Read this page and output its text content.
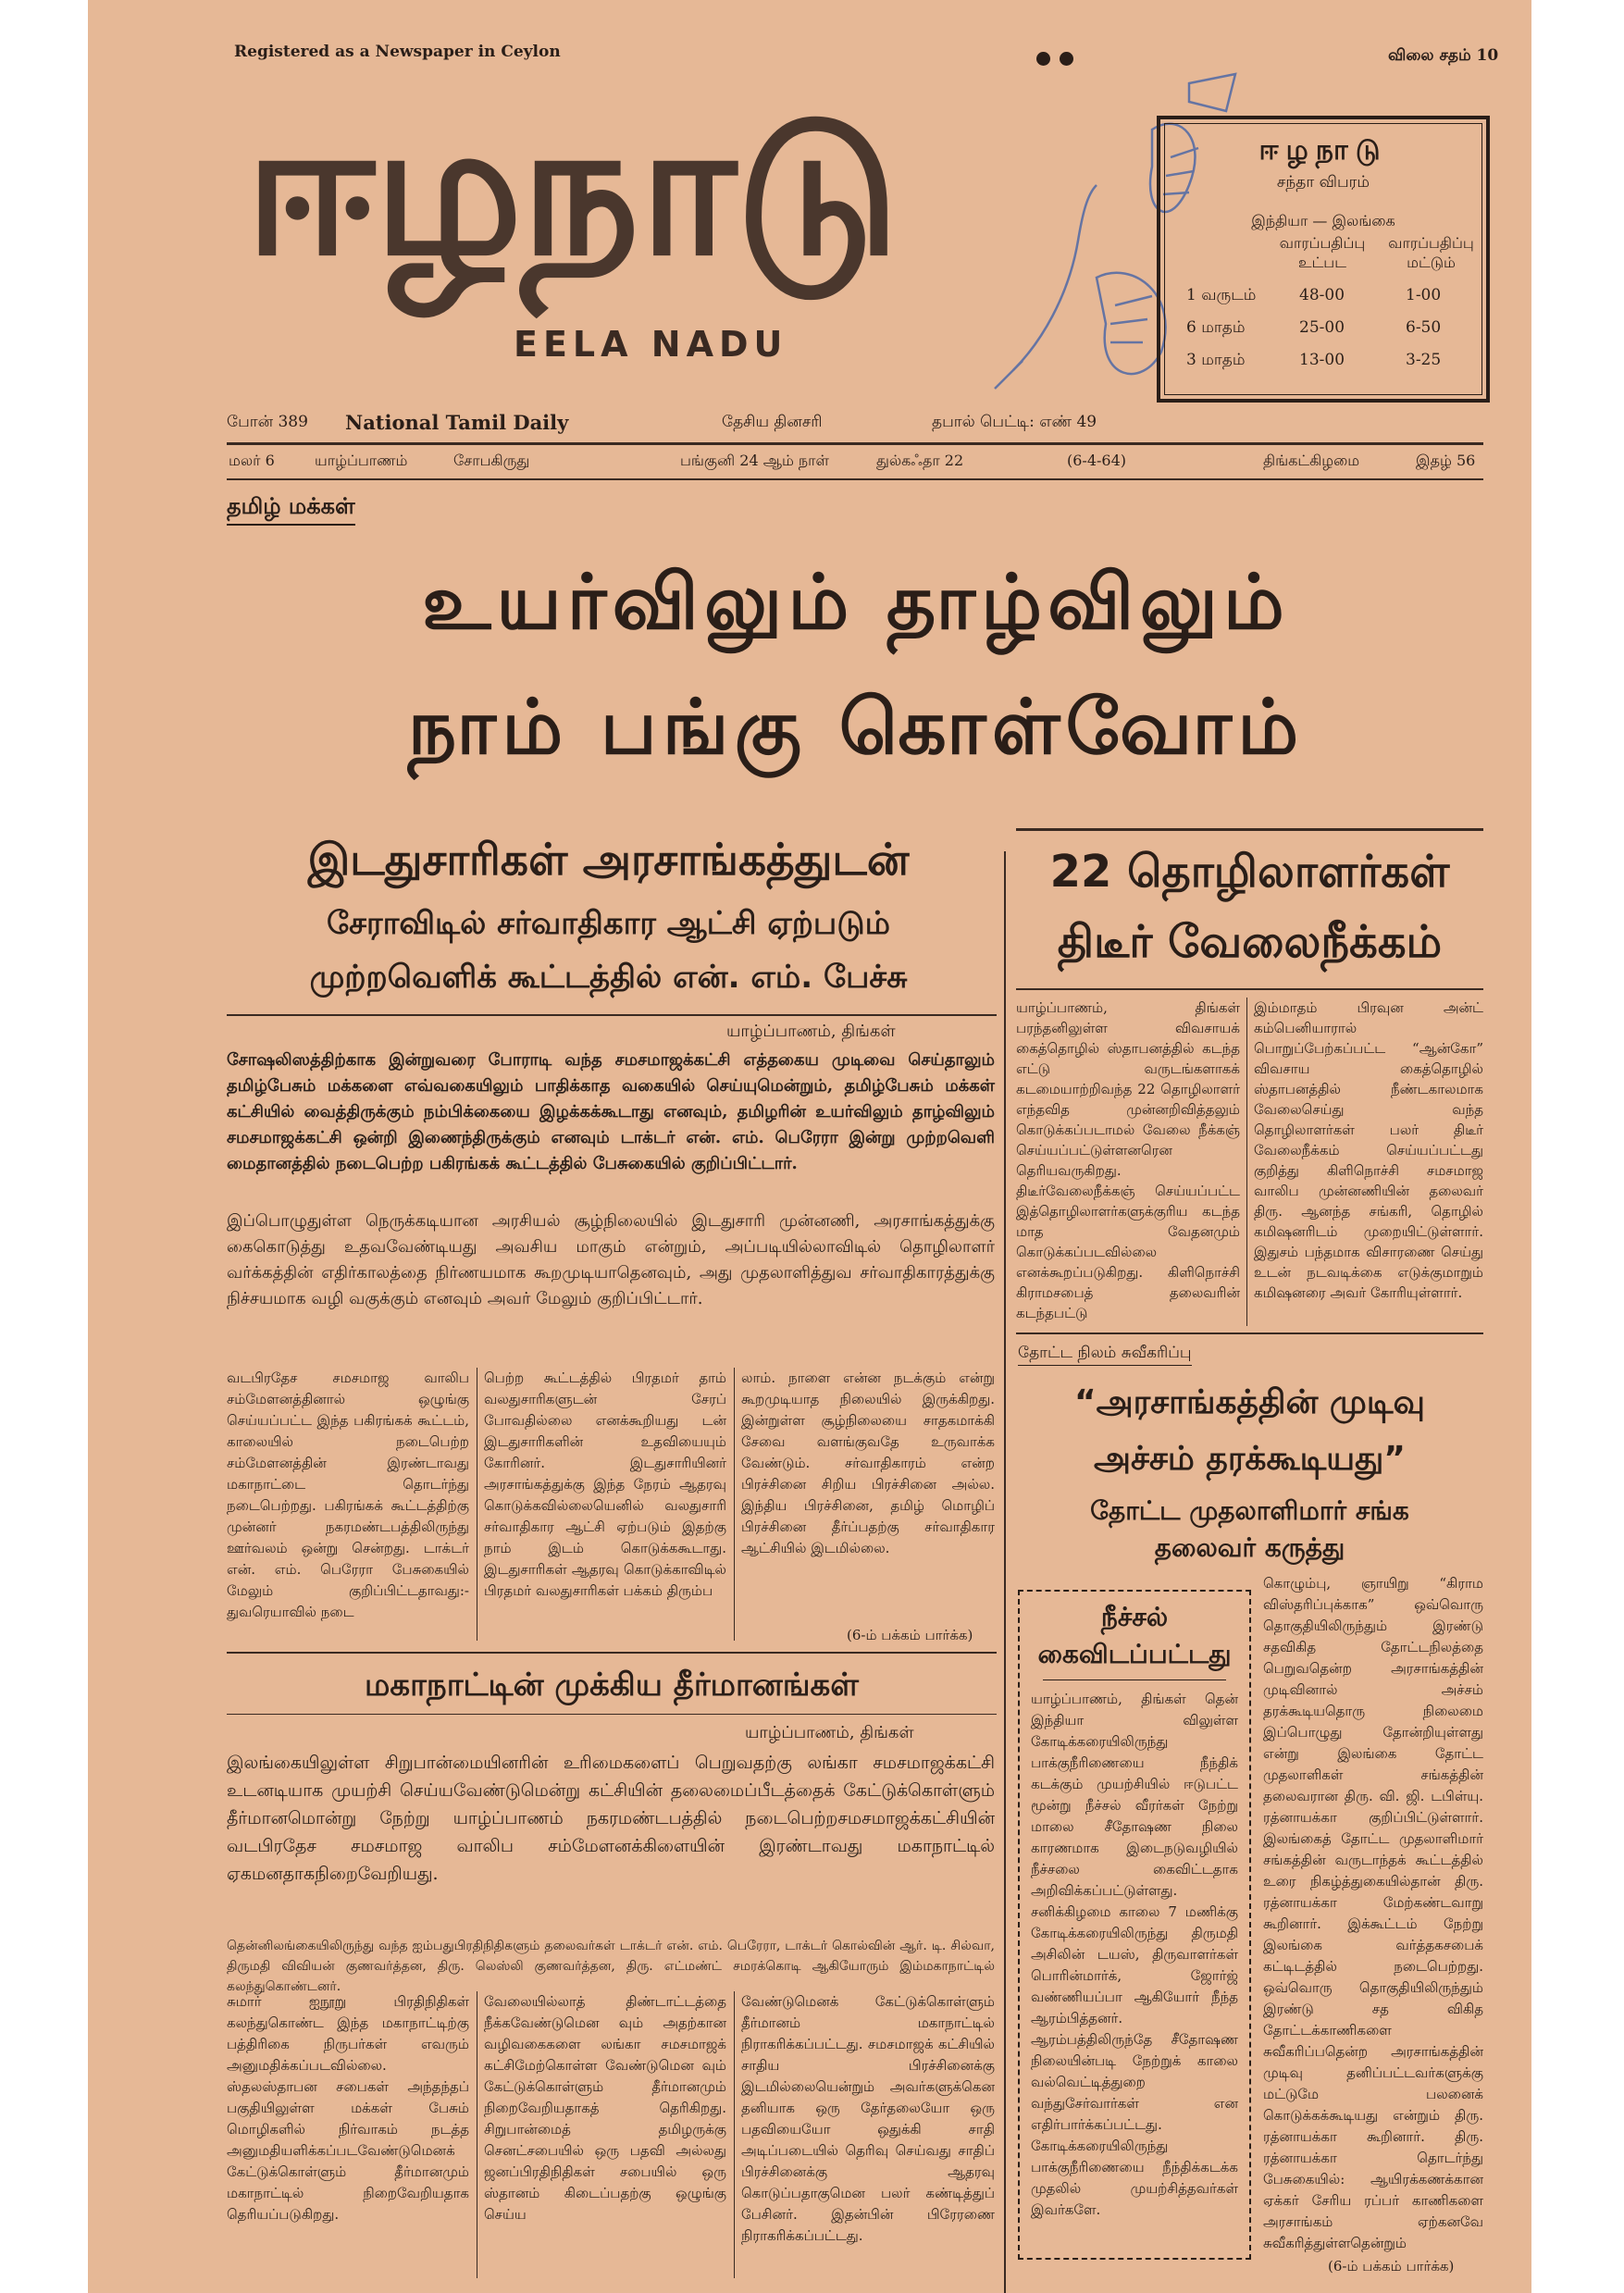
Registered as a Newspaper in Ceylon	விலை சதம் 10
ஈழநாடு
EELA NADU
ஈழநாடு
சந்தா விபரம்
இந்தியா — இலங்கை
வாரப்பதிப்பு உட்பட
வாரப்பதிப்பு மட்டும்
1 வருடம்	48-00	1-00
6 மாதம்	25-00	6-50
3 மாதம்	13-00	3-25
போன் 389 National Tamil Daily	தேசிய தினசரி	தபால் பெட்டி: எண் 49
மலர் 6	யாழ்ப்பாணம்	சோபகிருது	பங்குனி 24 ஆம் நாள்	துல்கஃதா 22	(6-4-64)	திங்கட்கிழமை	இதழ் 56
தமிழ் மக்கள்
உயர்விலும் தாழ்விலும்
நாம் பங்கு கொள்வோம்
இடதுசாரிகள் அரசாங்கத்துடன்
சேராவிடில் சர்வாதிகார ஆட்சி ஏற்படும்
முற்றவெளிக் கூட்டத்தில் என். எம். பேச்சு
யாழ்ப்பாணம், திங்கள்
சோஷலிஸத்திற்காக இன்றுவரை போராடி வந்த சமசமாஜக்கட்சி எத்தகைய முடிவை செய்தாலும் தமிழ்பேசும் மக்களை எவ்வகையிலும் பாதிக்காத வகையில் செய்யுமென்றும், தமிழ்பேசும் மக்கள் கட்சியில் வைத்திருக்கும் நம்பிக்கையை இழக்கக்கூடாது எனவும், தமிழரின் உயர்விலும் தாழ்விலும் சமசமாஜக்கட்சி ஒன்றி இணைந்திருக்கும் எனவும் டாக்டர் என். எம். பெரேரா இன்று முற்றவெளி மைதானத்தில் நடைபெற்ற பகிரங்கக் கூட்டத்தில் பேசுகையில் குறிப்பிட்டார்.
இப்பொழுதுள்ள நெருக்கடியான அரசியல் சூழ்நிலையில் இடதுசாரி முன்னணி, அரசாங்கத்துக்கு கைகொடுத்து உதவவேண்டியது அவசிய மாகும் என்றும், அப்படியில்லாவிடில் தொழிலாளர் வர்க்கத்தின் எதிர்காலத்தை நிர்ணயமாக கூறமுடியாதெனவும், அது முதலாளித்துவ சர்வாதிகாரத்துக்கு நிச்சயமாக வழி வகுக்கும் எனவும் அவர் மேலும் குறிப்பிட்டார்.
வடபிரதேச சமசமாஜ வாலிப சம்மேளனத்தினால் ஒழுங்கு செய்யப்பட்ட இந்த பகிரங்கக் கூட்டம், காலையில் நடைபெற்ற சம்மேளனத்தின் இரண்டாவது மகாநாட்டை தொடர்ந்து நடைபெற்றது. பகிரங்கக் கூட்டத்திற்கு முன்னர் நகரமண்டபத்திலிருந்து ஊர்வலம் ஒன்று சென்றது. டாக்டர் என். எம். பெரேரா பேசுகையில் மேலும் குறிப்பிட்டதாவது:- துவரெயாவில் நடை
பெற்ற கூட்டத்தில் பிரதமர் தாம் வலதுசாரிகளுடன் சேரப் போவதில்லை எனக்கூறியது டன் இடதுசாரிகளின் உதவியையும் கோரினர். இடதுசாரியினர் அரசாங்கத்துக்கு இந்த நேரம் ஆதரவு கொடுக்கவில்லையெனில் வலதுசாரி சர்வாதிகார ஆட்சி ஏற்படும் இதற்கு நாம் இடம் கொடுக்ககூடாது. இடதுசாரிகள் ஆதரவு கொடுக்காவிடில் பிரதமர் வலதுசாரிகள் பக்கம் திரும்ப
லாம். நாளை என்ன நடக்கும் என்று கூறமுடியாத நிலையில் இருக்கிறது. இன்றுள்ள சூழ்நிலையை சாதகமாக்கி சேவை வளங்குவதே உருவாக்க வேண்டும். சர்வாதிகாரம் என்ற பிரச்சினை சிறிய பிரச்சினை அல்ல. இந்திய பிரச்சினை, தமிழ் மொழிப் பிரச்சினை தீர்ப்பதற்கு சர்வாதிகார ஆட்சியில் இடமில்லை.
(6-ம் பக்கம் பார்க்க)
மகாநாட்டின் முக்கிய தீர்மானங்கள்
யாழ்ப்பாணம், திங்கள்
இலங்கையிலுள்ள சிறுபான்மையினரின் உரிமைகளைப் பெறுவதற்கு லங்கா சமசமாஜக்கட்சி உடனடியாக முயற்சி செய்யவேண்டுமென்று கட்சியின் தலைமைப்பீடத்தைக் கேட்டுக்கொள்ளும் தீர்மானமொன்று நேற்று யாழ்ப்பாணம் நகரமண்டபத்தில் நடைபெற்றசமசமாஜக்கட்சியின் வடபிரதேச சமசமாஜ வாலிப சம்மேளனக்கிளையின் இரண்டாவது மகாநாட்டில் ஏகமனதாகநிறைவேறியது.
தென்னிலங்கையிலிருந்து வந்த ஐம்பதுபிரதிநிதிகளும் தலைவர்கள் டாக்டர் என். எம். பெரேரா, டாக்டர் கொல்வின் ஆர். டி. சில்வா, திருமதி விவியன் குணவர்த்தன, திரு. லெஸ்லி குணவர்த்தன, திரு. எட்மண்ட் சமரக்கொடி ஆகியோரும் இம்மகாநாட்டில் கலந்துகொண்டனர்.
சுமார் ஐநூறு பிரதிநிதிகள் கலந்துகொண்ட இந்த மகாநாட்டிற்கு பத்திரிகை நிருபர்கள் எவரும் அனுமதிக்கப்படவில்லை. ஸ்தலஸ்தாபன சபைகள் அந்தந்தப் பகுதியிலுள்ள மக்கள் பேசும் மொழிகளில் நிர்வாகம் நடத்த அனுமதியளிக்கப்படவேண்டுமெனக் கேட்டுக்கொள்ளும் தீர்மானமும் மகாநாட்டில் நிறைவேறியதாக தெரியப்படுகிறது.
வேலையில்லாத் திண்டாட்டத்தை நீக்கவேண்டுமென வும் அதற்கான வழிவகைகளை லங்கா சமசமாஜக் கட்சிமேற்கொள்ள வேண்டுமென வும் கேட்டுக்கொள்ளும் தீர்மானமும் நிறைவேறியதாகத் தெரிகிறது. சிறுபான்மைத் தமிழருக்கு செனட்சபையில் ஒரு பதவி அல்லது ஜனப்பிரதிநிதிகள் சபையில் ஒரு ஸ்தானம் கிடைப்பதற்கு ஒழுங்கு செய்ய
வேண்டுமெனக் கேட்டுக்கொள்ளும் தீர்மானம் மகாநாட்டில் நிராகரிக்கப்பட்டது. சமசமாஜக் கட்சியில் சாதிய பிரச்சினைக்கு இடமில்லையென்றும் அவர்களுக்கென தனியாக ஒரு தேர்தலையோ ஒரு பதவியையோ ஒதுக்கி சாதி அடிப்படையில் தெரிவு செய்வது சாதிப் பிரச்சினைக்கு ஆதரவு கொடுப்பதாகுமென பலர் கண்டித்துப் பேசினர். இதன்பின் பிரேரணை நிராகரிக்கப்பட்டது.
22 தொழிலாளர்கள்
திடீர் வேலைநீக்கம்
யாழ்ப்பாணம், திங்கள் பரந்தனிலுள்ள விவசாயக் கைத்தொழில் ஸ்தாபனத்தில் கடந்த எட்டு வருடங்களாகக் கடமையாற்றிவந்த 22 தொழிலாளர் எந்தவித முன்னறிவித்தலும் கொடுக்கப்படாமல் வேலை நீக்கஞ் செய்யப்பட்டுள்ளனரென தெரியவருகிறது. திடீர்வேலைநீக்கஞ் செய்யப்பட்ட இத்தொழிலாளர்களுக்குரிய கடந்த மாத வேதனமும் கொடுக்கப்படவில்லை எனக்கூறப்படுகிறது. கிளிநொச்சி கிராமசபைத் தலைவரின் கடந்தபட்டு
இம்மாதம் பிரவுன அன்ட் கம்பெனியாரால் பொறுப்பேற்கப்பட்ட “ஆன்கோ” விவசாய கைத்தொழில் ஸ்தாபனத்தில் நீண்டகாலமாக வேலைசெய்து வந்த தொழிலாளர்கள் பலர் திடீர் வேலைநீக்கம் செய்யப்பட்டது குறித்து கிளிநொச்சி சமசமாஜ வாலிப முன்னணியின் தலைவர் திரு. ஆனந்த சங்கரி, தொழில் கமிஷனரிடம் முறையிட்டுள்ளார். இதுசம் பந்தமாக விசாரணை செய்து உடன் நடவடிக்கை எடுக்குமாறும் கமிஷனரை அவர் கோரியுள்ளார்.
தோட்ட நிலம் சுவீகரிப்பு
“அரசாங்கத்தின் முடிவு
அச்சம் தரக்கூடியது”
தோட்ட முதலாளிமார் சங்க
தலைவர் கருத்து
கொழும்பு, ஞாயிறு “கிராம விஸ்தரிப்புக்காக” ஒவ்வொரு தொகுதியிலிருந்தும் இரண்டு சதவிகித தோட்டநிலத்தை பெறுவதென்ற அரசாங்கத்தின் முடிவினால் அச்சம் தரக்கூடியதொரு நிலைமை இப்பொழுது தோன்றியுள்ளது என்று இலங்கை தோட்ட முதலாளிகள் சங்கத்தின் தலைவரான திரு. வி. ஜி. டபிள்யு. ரத்னாயக்கா குறிப்பிட்டுள்ளார். இலங்கைத் தோட்ட முதலாளிமார் சங்கத்தின் வருடாந்தக் கூட்டத்தில் உரை நிகழ்த்துகையில்தான் திரு. ரத்னாயக்கா மேற்கண்டவாறு கூறினார். இக்கூட்டம் நேற்று இலங்கை வர்த்தகசபைக் கட்டிடத்தில் நடைபெற்றது. ஒவ்வொரு தொகுதியிலிருந்தும் இரண்டு சத விகித தோட்டக்காணிகளை சுவீகரிப்பதென்ற அரசாங்கத்தின் முடிவு தனிப்பட்டவர்களுக்கு மட்டுமே பலனைக் கொடுக்கக்கூடியது என்றும் திரு. ரத்னாயக்கா கூறினார். திரு. ரத்னாயக்கா தொடர்ந்து பேசுகையில்: ஆயிரக்கணக்கான ஏக்கர் சேரிய ரப்பர் காணிகளை அரசாங்கம் ஏற்கனவே சுவீகரித்துள்ளதென்றும்
(6-ம் பக்கம் பார்க்க)
நீச்சல்
கைவிடப்பட்டது
யாழ்ப்பாணம், திங்கள் தென் இந்தியா விலுள்ள கோடிக்கரையிலிருந்து பாக்குநீரிணையை நீந்திக் கடக்கும் முயற்சியில் ஈடுபட்ட மூன்று நீச்சல் வீரர்கள் நேற்று மாலை சீதோஷண நிலை காரணமாக இடைநடுவழியில் நீச்சலை கைவிட்டதாக அறிவிக்கப்பட்டுள்ளது. சனிக்கிழமை காலை 7 மணிக்கு கோடிக்கரையிலிருந்து திருமதி அசிலின் டயஸ், திருவாளர்கள் பொரின்மார்க், ஜோர்ஜ் வண்ணியப்பா ஆகியோர் நீந்த ஆரம்பித்தனர். ஆரம்பத்திலிருந்தே சீதோஷண நிலையின்படி நேற்றுக் காலை வல்வெட்டித்துறை வந்துசேர்வார்கள் என எதிர்பார்க்கப்பட்டது. கோடிக்கரையிலிருந்து பாக்குநீரிணையை நீந்திக்கடக்க முதலில் முயற்சித்தவர்கள் இவர்களே.
